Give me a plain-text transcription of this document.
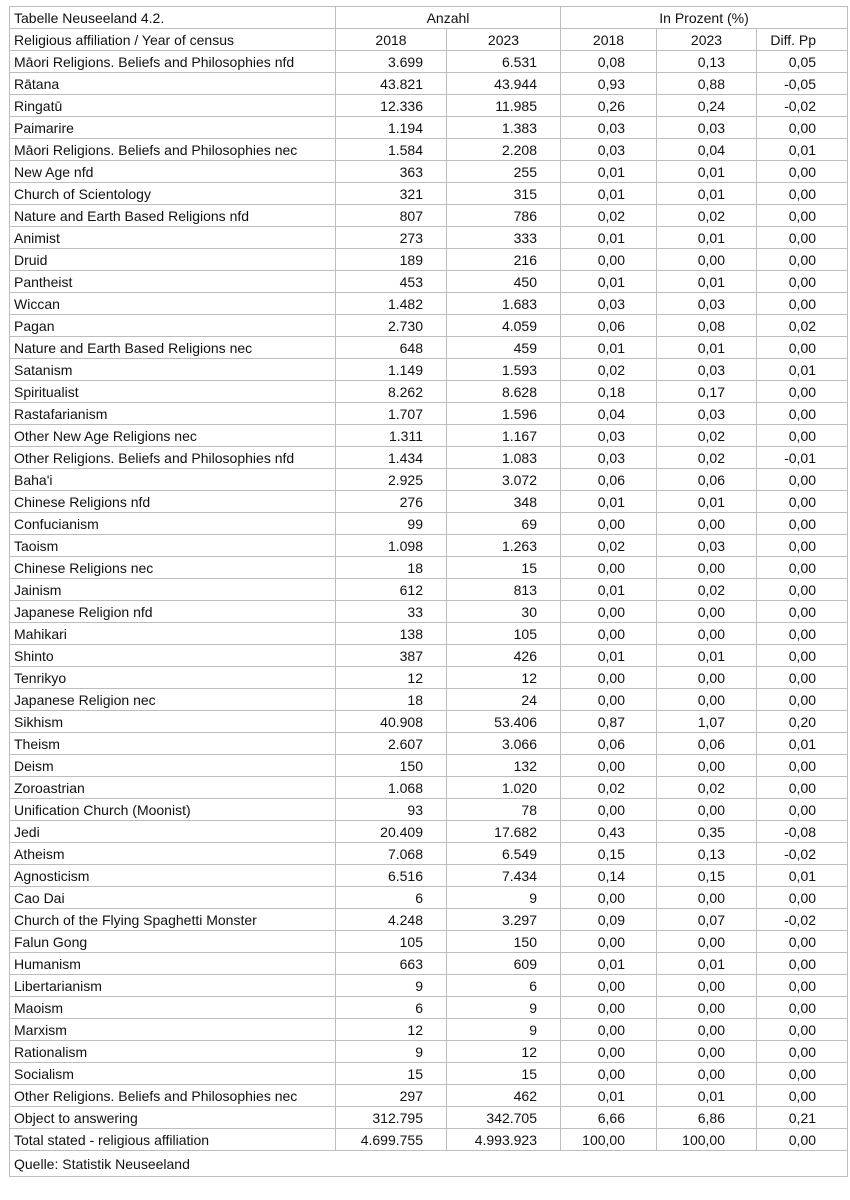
Tabelle Neuseeland 4.2.	Anzahl		In Prozent (%)		
Religious affiliation / Year of census	2018	2023	2018	2023	Diff. Pp
Māori Religions. Beliefs and Philosophies nfd	3.699	6.531	0,08	0,13	0,05
Rātana	43.821	43.944	0,93	0,88	-0,05
Ringatū	12.336	11.985	0,26	0,24	-0,02
Paimarire	1.194	1.383	0,03	0,03	0,00
Māori Religions. Beliefs and Philosophies nec	1.584	2.208	0,03	0,04	0,01
New Age nfd	363	255	0,01	0,01	0,00
Church of Scientology	321	315	0,01	0,01	0,00
Nature and Earth Based Religions nfd	807	786	0,02	0,02	0,00
Animist	273	333	0,01	0,01	0,00
Druid	189	216	0,00	0,00	0,00
Pantheist	453	450	0,01	0,01	0,00
Wiccan	1.482	1.683	0,03	0,03	0,00
Pagan	2.730	4.059	0,06	0,08	0,02
Nature and Earth Based Religions nec	648	459	0,01	0,01	0,00
Satanism	1.149	1.593	0,02	0,03	0,01
Spiritualist	8.262	8.628	0,18	0,17	0,00
Rastafarianism	1.707	1.596	0,04	0,03	0,00
Other New Age Religions nec	1.311	1.167	0,03	0,02	0,00
Other Religions. Beliefs and Philosophies nfd	1.434	1.083	0,03	0,02	-0,01
Baha'i	2.925	3.072	0,06	0,06	0,00
Chinese Religions nfd	276	348	0,01	0,01	0,00
Confucianism	99	69	0,00	0,00	0,00
Taoism	1.098	1.263	0,02	0,03	0,00
Chinese Religions nec	18	15	0,00	0,00	0,00
Jainism	612	813	0,01	0,02	0,00
Japanese Religion nfd	33	30	0,00	0,00	0,00
Mahikari	138	105	0,00	0,00	0,00
Shinto	387	426	0,01	0,01	0,00
Tenrikyo	12	12	0,00	0,00	0,00
Japanese Religion nec	18	24	0,00	0,00	0,00
Sikhism	40.908	53.406	0,87	1,07	0,20
Theism	2.607	3.066	0,06	0,06	0,01
Deism	150	132	0,00	0,00	0,00
Zoroastrian	1.068	1.020	0,02	0,02	0,00
Unification Church (Moonist)	93	78	0,00	0,00	0,00
Jedi	20.409	17.682	0,43	0,35	-0,08
Atheism	7.068	6.549	0,15	0,13	-0,02
Agnosticism	6.516	7.434	0,14	0,15	0,01
Cao Dai	6	9	0,00	0,00	0,00
Church of the Flying Spaghetti Monster	4.248	3.297	0,09	0,07	-0,02
Falun Gong	105	150	0,00	0,00	0,00
Humanism	663	609	0,01	0,01	0,00
Libertarianism	9	6	0,00	0,00	0,00
Maoism	6	9	0,00	0,00	0,00
Marxism	12	9	0,00	0,00	0,00
Rationalism	9	12	0,00	0,00	0,00
Socialism	15	15	0,00	0,00	0,00
Other Religions. Beliefs and Philosophies nec	297	462	0,01	0,01	0,00
Object to answering	312.795	342.705	6,66	6,86	0,21
Total stated - religious affiliation	4.699.755	4.993.923	100,00	100,00	0,00
Quelle: Statistik Neuseeland					
